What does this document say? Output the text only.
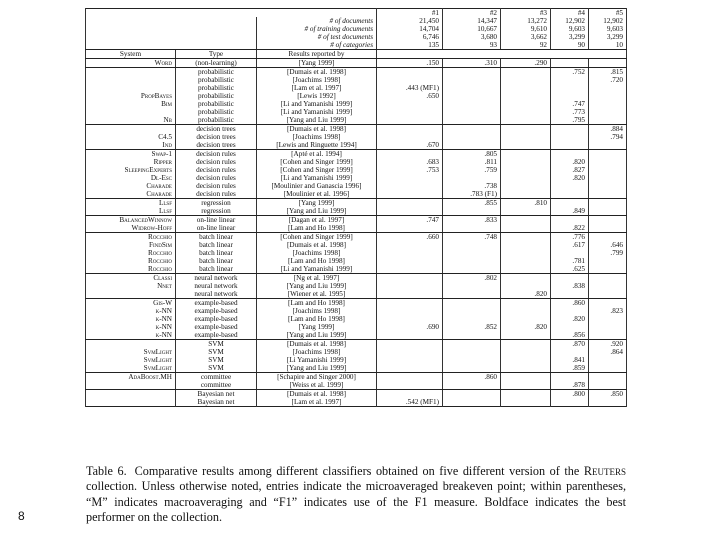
			#1	#2	#3	#4	#5
		# of documents	21,450	14,347	13,272	12,902	12,902
		# of training documents	14,704	10,667	9,610	9,603	9,603
		# of test documents	6,746	3,680	3,662	3,299	3,299
		# of categories	135	93	92	90	10
System	Type	Results reported by					
Word	(non-learning)	[Yang 1999]	.150	.310	.290		
	probabilistic	[Dumais et al. 1998]				.752	.815
	probabilistic	[Joachims 1998]					.720
	probabilistic	[Lam et al. 1997]	.443 (MF1)				
PropBayes	probabilistic	[Lewis 1992]	.650				
Bim	probabilistic	[Li and Yamanishi 1999]				.747	
	probabilistic	[Li and Yamanishi 1999]				.773	
Nb	probabilistic	[Yang and Liu 1999]				.795	
	decision trees	[Dumais et al. 1998]					.884
C4.5	decision trees	[Joachims 1998]					.794
Ind	decision trees	[Lewis and Ringuette 1994]	.670				
Swap-1	decision rules	[Apté et al. 1994]		.805			
Ripper	decision rules	[Cohen and Singer 1999]	.683	.811		.820	
SleepingExperts	decision rules	[Cohen and Singer 1999]	.753	.759		.827	
Dl-Esc	decision rules	[Li and Yamanishi 1999]				.820	
Charade	decision rules	[Moulinier and Ganascia 1996]		.738			
Charade	decision rules	[Moulinier et al. 1996]		.783 (F1)			
Llsf	regression	[Yang 1999]		.855	.810		
Llsf	regression	[Yang and Liu 1999]				.849	
BalancedWinnow	on-line linear	[Dagan et al. 1997]	.747	.833			
Widrow-Hoff	on-line linear	[Lam and Ho 1998]				.822	
Rocchio	batch linear	[Cohen and Singer 1999]	.660	.748		.776	
FindSim	batch linear	[Dumais et al. 1998]				.617	.646
Rocchio	batch linear	[Joachims 1998]					.799
Rocchio	batch linear	[Lam and Ho 1998]				.781	
Rocchio	batch linear	[Li and Yamanishi 1999]				.625	
Classi	neural network	[Ng et al. 1997]		.802			
Nnet	neural network	[Yang and Liu 1999]				.838	
	neural network	[Wiener et al. 1995]			.820		
Gis-W	example-based	[Lam and Ho 1998]				.860	
k-NN	example-based	[Joachims 1998]					.823
k-NN	example-based	[Lam and Ho 1998]				.820	
k-NN	example-based	[Yang 1999]	.690	.852	.820		
k-NN	example-based	[Yang and Liu 1999]				.856	
	SVM	[Dumais et al. 1998]				.870	.920
SvmLight	SVM	[Joachims 1998]					.864
SvmLight	SVM	[Li Yamanishi 1999]				.841	
SvmLight	SVM	[Yang and Liu 1999]				.859	
AdaBoost.MH	committee	[Schapire and Singer 2000]		.860			
	committee	[Weiss et al. 1999]				.878	
	Bayesian net	[Dumais et al. 1998]				.800	.850
	Bayesian net	[Lam et al. 1997]	.542 (MF1)				
Table 6. Comparative results among different classifiers obtained on five different version of the Reuters collection. Unless otherwise noted, entries indicate the microaveraged breakeven point; within parentheses, “M” indicates macroaveraging and “F1” indicates use of the F1 measure. Boldface indicates the best performer on the collection.
8
